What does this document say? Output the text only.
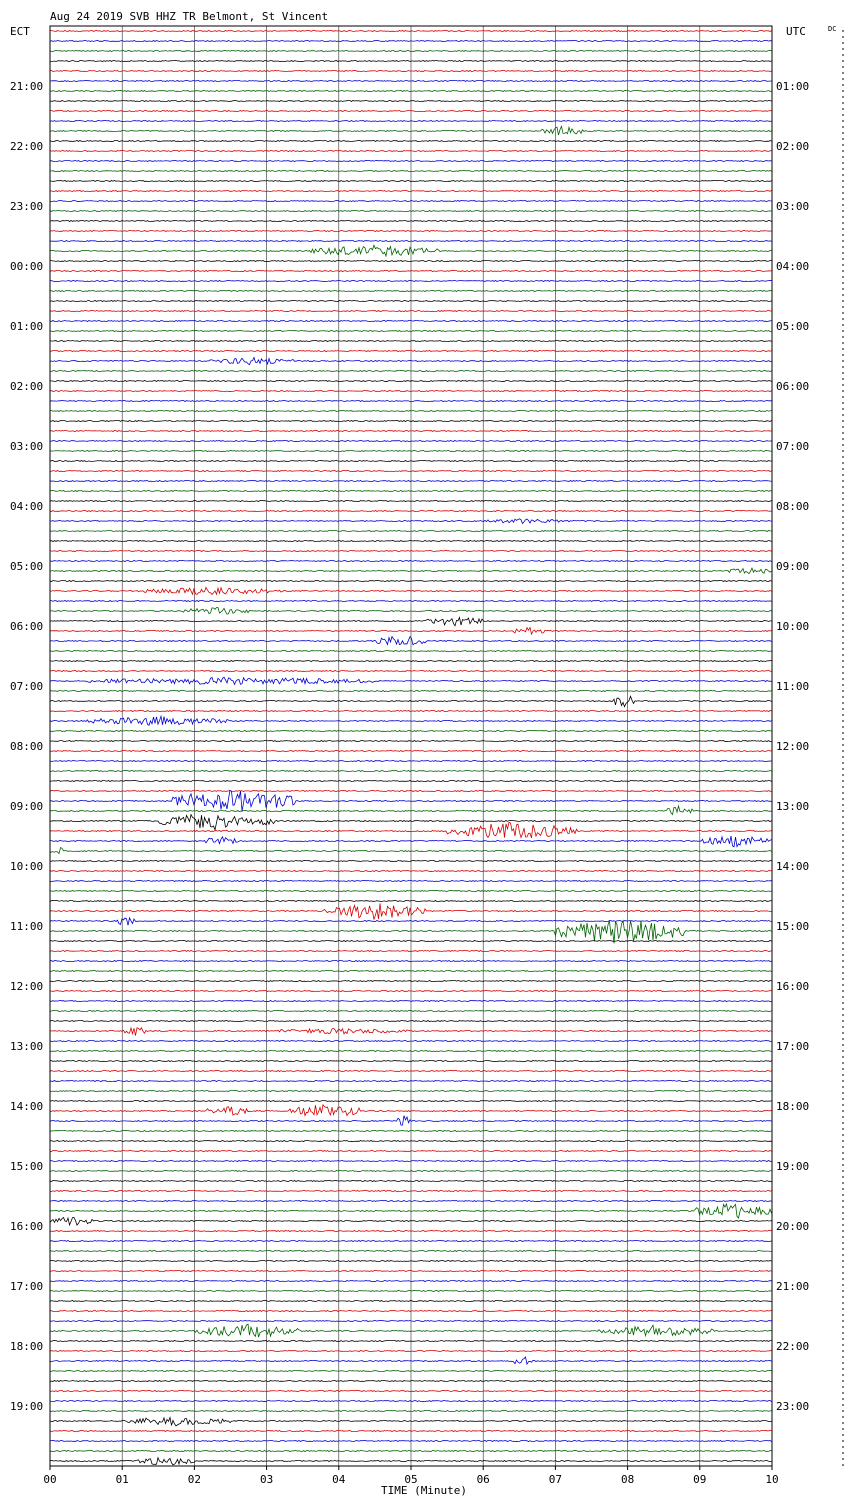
Aug 24 2019 SVB HHZ TR Belmont, St Vincent
ECT	UTC	DC
21:00
22:00
23:00
00:00
01:00
02:00
03:00
04:00
05:00
06:00
07:00
08:00
09:00
10:00
11:00
12:00
13:00
14:00
15:00
16:00
17:00
18:00
19:00
01:00
02:00
03:00
04:00
05:00
06:00
07:00
08:00
09:00
10:00
11:00
12:00
13:00
14:00
15:00
16:00
17:00
18:00
19:00
20:00
21:00
22:00
23:00
00	01	02	03	04	05	06	07	08	09	10
TIME (Minute)
